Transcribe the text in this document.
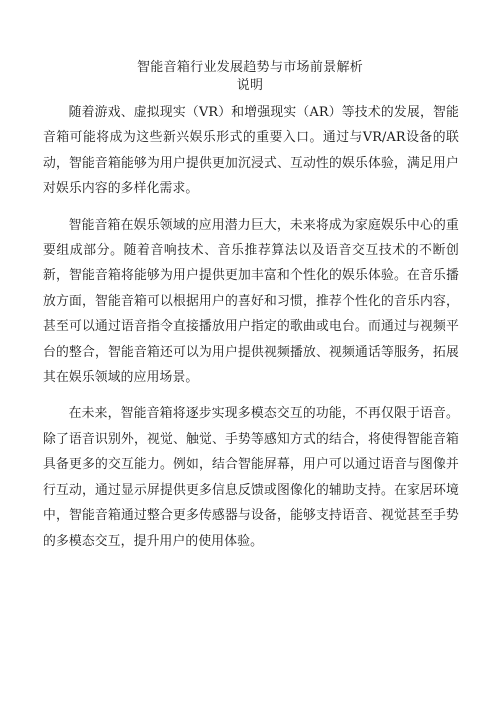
智能音箱行业发展趋势与市场前景解析
说明

随着游戏、虚拟现实（VR）和增强现实（AR）等技术的发展，智能音箱可能将成为这些新兴娱乐形式的重要入口。通过与VR/AR设备的联动，智能音箱能够为用户提供更加沉浸式、互动性的娱乐体验，满足用户对娱乐内容的多样化需求。

智能音箱在娱乐领域的应用潜力巨大，未来将成为家庭娱乐中心的重要组成部分。随着音响技术、音乐推荐算法以及语音交互技术的不断创新，智能音箱将能够为用户提供更加丰富和个性化的娱乐体验。在音乐播放方面，智能音箱可以根据用户的喜好和习惯，推荐个性化的音乐内容，甚至可以通过语音指令直接播放用户指定的歌曲或电台。而通过与视频平台的整合，智能音箱还可以为用户提供视频播放、视频通话等服务，拓展其在娱乐领域的应用场景。

在未来，智能音箱将逐步实现多模态交互的功能，不再仅限于语音。除了语音识别外，视觉、触觉、手势等感知方式的结合，将使得智能音箱具备更多的交互能力。例如，结合智能屏幕，用户可以通过语音与图像并行互动，通过显示屏提供更多信息反馈或图像化的辅助支持。在家居环境中，智能音箱通过整合更多传感器与设备，能够支持语音、视觉甚至手势的多模态交互，提升用户的使用体验。
